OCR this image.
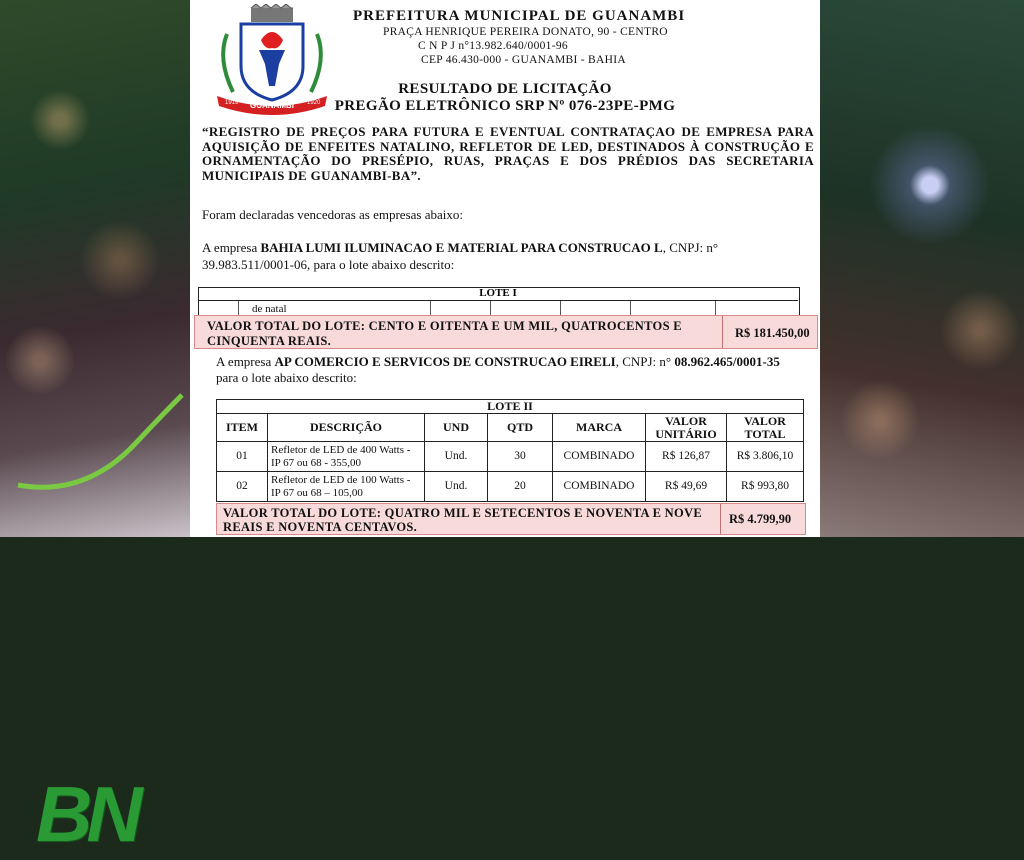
BN
GUANAMBI
1919	1920
PREFEITURA MUNICIPAL DE GUANAMBI
PRAÇA HENRIQUE PEREIRA DONATO, 90 - CENTRO
C N P J n°13.982.640/0001-96
CEP 46.430-000 - GUANAMBI - BAHIA
RESULTADO DE LICITAÇÃO
PREGÃO ELETRÔNICO SRP Nº 076-23PE-PMG
“REGISTRO DE PREÇOS PARA FUTURA E EVENTUAL CONTRATAÇAO DE EMPRESA PARA AQUISIÇÃO DE ENFEITES NATALINO, REFLETOR DE LED, DESTINADOS À CONSTRUÇÃO E ORNAMENTAÇÃO DO PRESÉPIO, RUAS, PRAÇAS E DOS PRÉDIOS DAS SECRETARIA MUNICIPAIS DE GUANAMBI-BA”.
Foram declaradas vencedoras as empresas abaixo:
A empresa BAHIA LUMI ILUMINACAO E MATERIAL PARA CONSTRUCAO L, CNPJ: n°
39.983.511/0001-06, para o lote abaixo descrito:
LOTE I
de natal
VALOR TOTAL DO LOTE: CENTO E OITENTA E UM MIL, QUATROCENTOS E
CINQUENTA REAIS.
R$ 181.450,00
A empresa AP COMERCIO E SERVICOS DE CONSTRUCAO EIRELI, CNPJ: n° 08.962.465/0001-35
para o lote abaixo descrito:
LOTE II						
ITEM	DESCRIÇÃO	UND	QTD	MARCA	VALOR UNITÁRIO	VALOR TOTAL
01	Refletor de LED de 400 Watts - IP 67 ou 68 - 355,00	Und.	30	COMBINADO	R$ 126,87	R$ 3.806,10
02	Refletor de LED de 100 Watts - IP 67 ou 68 – 105,00	Und.	20	COMBINADO	R$ 49,69	R$ 993,80
VALOR TOTAL DO LOTE: QUATRO MIL E SETECENTOS E NOVENTA E NOVE
REAIS E NOVENTA CENTAVOS.
R$ 4.799,90
